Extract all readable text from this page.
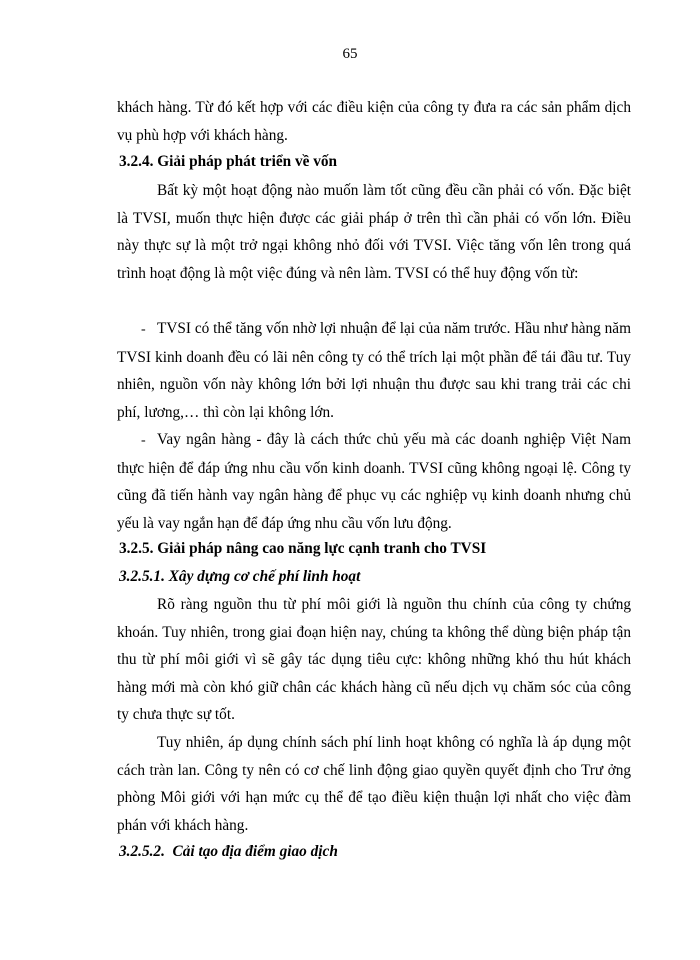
65

khách hàng. Từ đó kết hợp với các điều kiện của công ty đưa ra các sản phẩm dịch vụ phù hợp với khách hàng.

3.2.4. Giải pháp phát triển về vốn

Bất kỳ một hoạt động nào muốn làm tốt cũng đều cần phải có vốn. Đặc biệt là TVSI, muốn thực hiện được các giải pháp ở trên thì cần phải có vốn lớn. Điều này thực sự là một trở ngại không nhỏ đối với TVSI. Việc tăng vốn lên trong quá trình hoạt động là một việc đúng và nên làm. TVSI có thể huy động vốn từ:

- TVSI có thể tăng vốn nhờ lợi nhuận để lại của năm trước. Hầu như hàng năm TVSI kinh doanh đều có lãi nên công ty có thể trích lại một phần để tái đầu tư. Tuy nhiên, nguồn vốn này không lớn bởi lợi nhuận thu được sau khi trang trải các chi phí, lương,… thì còn lại không lớn.

- Vay ngân hàng - đây là cách thức chủ yếu mà các doanh nghiệp Việt Nam thực hiện để đáp ứng nhu cầu vốn kinh doanh. TVSI cũng không ngoại lệ. Công ty cũng đã tiến hành vay ngân hàng để phục vụ các nghiệp vụ kinh doanh nhưng chủ yếu là vay ngắn hạn để đáp ứng nhu cầu vốn lưu động.

3.2.5. Giải pháp nâng cao năng lực cạnh tranh cho TVSI
3.2.5.1. Xây dựng cơ chế phí linh hoạt

Rõ ràng nguồn thu từ phí môi giới là nguồn thu chính của công ty chứng khoán. Tuy nhiên, trong giai đoạn hiện nay, chúng ta không thể dùng biện pháp tận thu từ phí môi giới vì sẽ gây tác dụng tiêu cực: không những khó thu hút khách hàng mới mà còn khó giữ chân các khách hàng cũ nếu dịch vụ chăm sóc của công ty chưa thực sự tốt.

Tuy nhiên, áp dụng chính sách phí linh hoạt không có nghĩa là áp dụng một cách tràn lan. Công ty nên có cơ chế linh động giao quyền quyết định cho Trư ởng phòng Môi giới với hạn mức cụ thể để tạo điều kiện thuận lợi nhất cho việc đàm phán với khách hàng.

3.2.5.2.  Cải tạo địa điểm giao dịch
